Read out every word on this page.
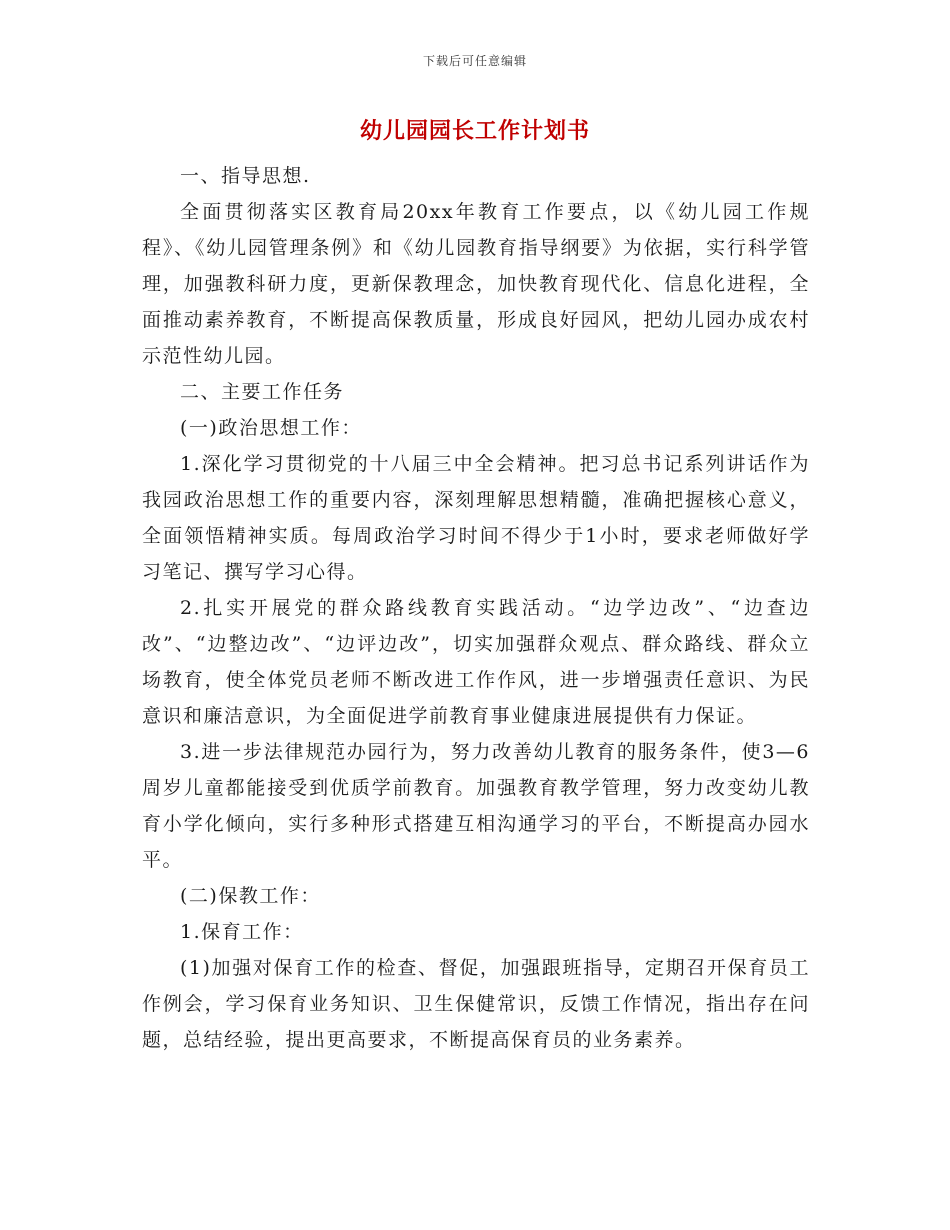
下载后可任意编辑
幼儿园园长工作计划书

一、指导思想.

全面贯彻落实区教育局20xx年教育工作要点，以《幼儿园工作规程》、《幼儿园管理条例》和《幼儿园教育指导纲要》为依据，实行科学管理，加强教科研力度，更新保教理念，加快教育现代化、信息化进程，全面推动素养教育，不断提高保教质量，形成良好园风，把幼儿园办成农村示范性幼儿园。

二、主要工作任务

(一)政治思想工作：

1.深化学习贯彻党的十八届三中全会精神。把习总书记系列讲话作为我园政治思想工作的重要内容，深刻理解思想精髓，准确把握核心意义，全面领悟精神实质。每周政治学习时间不得少于1小时，要求老师做好学习笔记、撰写学习心得。

2.扎实开展党的群众路线教育实践活动。“边学边改”、“边查边改”、“边整边改”、“边评边改”，切实加强群众观点、群众路线、群众立场教育，使全体党员老师不断改进工作作风，进一步增强责任意识、为民意识和廉洁意识，为全面促进学前教育事业健康进展提供有力保证。

3.进一步法律规范办园行为，努力改善幼儿教育的服务条件，使3—6周岁儿童都能接受到优质学前教育。加强教育教学管理，努力改变幼儿教育小学化倾向，实行多种形式搭建互相沟通学习的平台，不断提高办园水平。

(二)保教工作：

1.保育工作：

(1)加强对保育工作的检查、督促，加强跟班指导，定期召开保育员工作例会，学习保育业务知识、卫生保健常识，反馈工作情况，指出存在问题，总结经验，提出更高要求，不断提高保育员的业务素养。
